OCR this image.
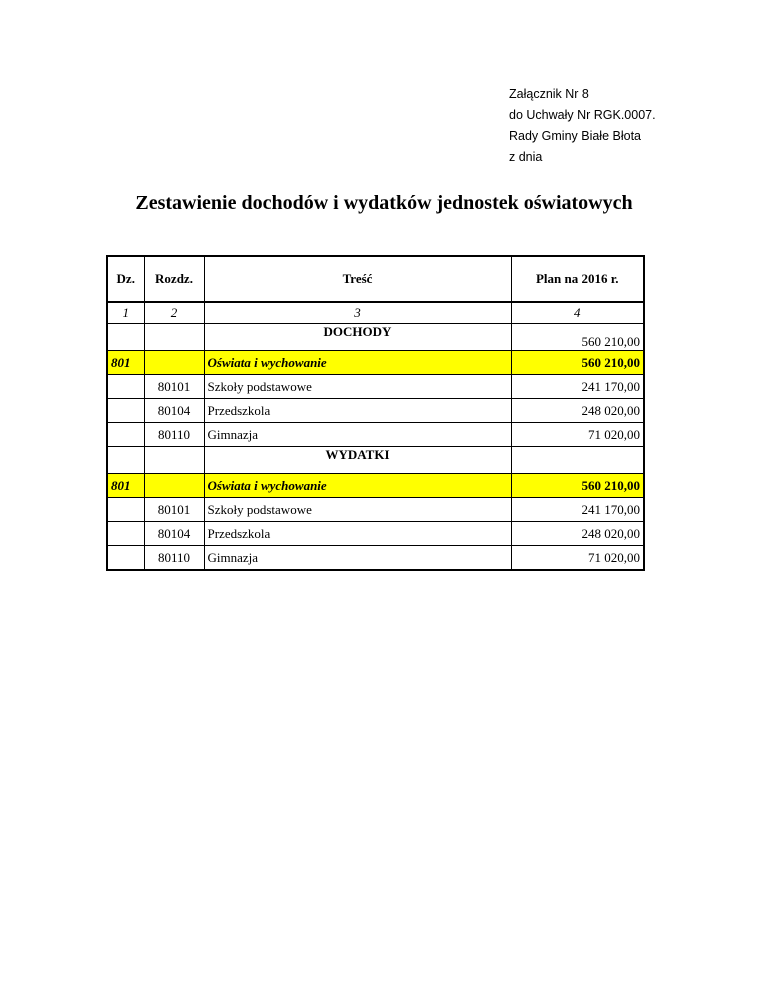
Załącznik Nr 8
do Uchwały Nr RGK.0007.
Rady Gminy Białe Błota
z dnia
Zestawienie dochodów i wydatków jednostek oświatowych
Dz.	Rozdz.	Treść	Plan na 2016 r.
1	2	3	4
		DOCHODY	560 210,00
801		Oświata i wychowanie	560 210,00
	80101	Szkoły podstawowe	241 170,00
	80104	Przedszkola	248 020,00
	80110	Gimnazja	71 020,00
		WYDATKI	
801		Oświata i wychowanie	560 210,00
	80101	Szkoły podstawowe	241 170,00
	80104	Przedszkola	248 020,00
	80110	Gimnazja	71 020,00
